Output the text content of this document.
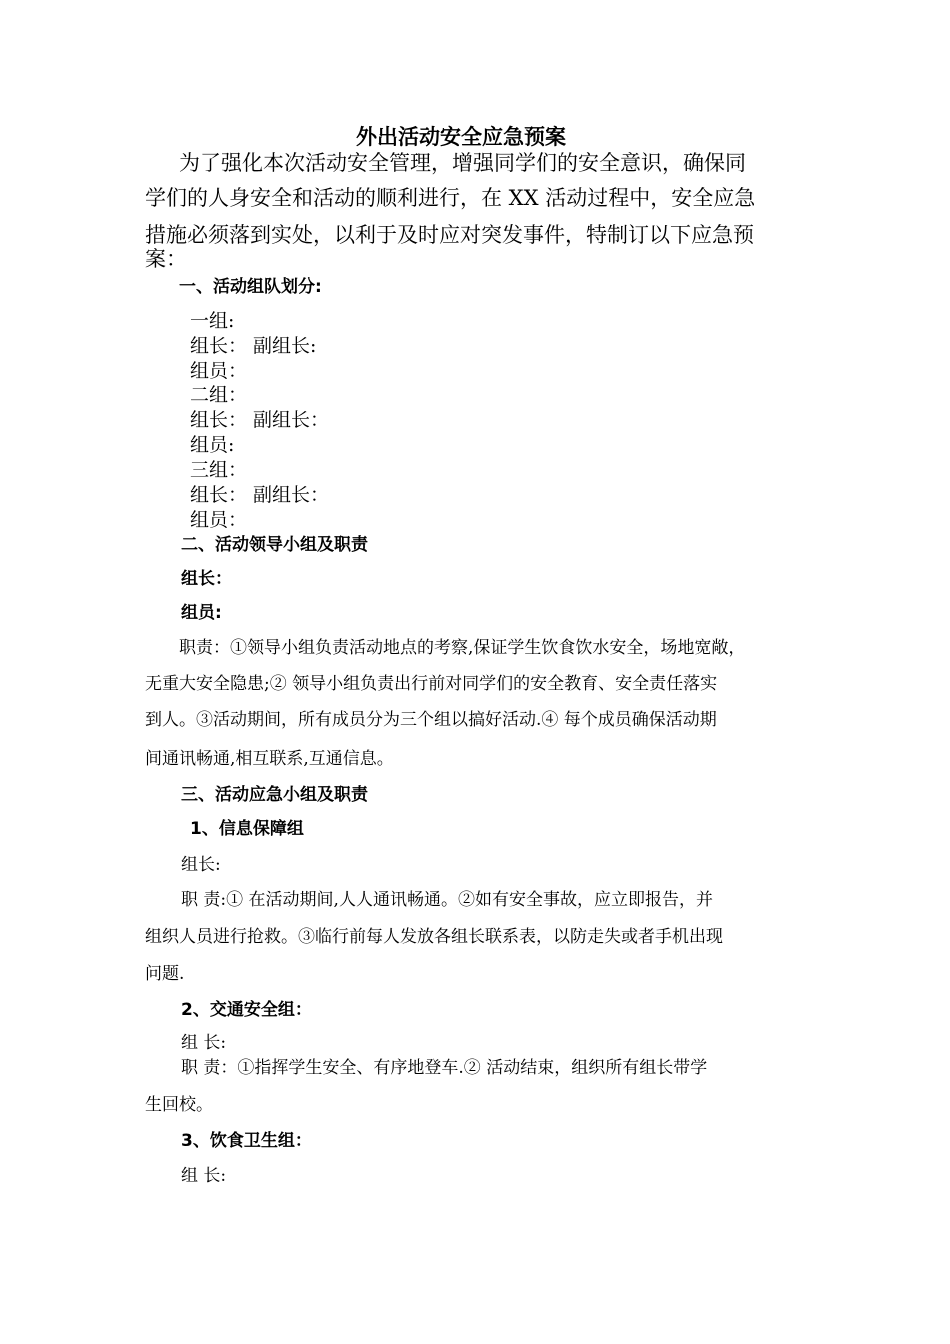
外出活动安全应急预案
为了强化本次活动安全管理，增强同学们的安全意识，确保同
学们的人身安全和活动的顺利进行，在 XX 活动过程中，安全应急
措施必须落到实处，以利于及时应对突发事件，特制订以下应急预
案：
一、活动组队划分:
一组:
组长： 副组长:
组员：
二组：
组长： 副组长：
组员:
三组：
组长： 副组长：
组员：
二、活动领导小组及职责
组长：
组员:
职责：①领导小组负责活动地点的考察,保证学生饮食饮水安全，场地宽敞，
无重大安全隐患;② 领导小组负责出行前对同学们的安全教育、安全责任落实
到人。③活动期间，所有成员分为三个组以搞好活动.④ 每个成员确保活动期
间通讯畅通,相互联系,互通信息。
三、活动应急小组及职责
1、信息保障组
组长:
职 责:① 在活动期间,人人通讯畅通。②如有安全事故，应立即报告，并
组织人员进行抢救。③临行前每人发放各组长联系表，以防走失或者手机出现
问题.
2、交通安全组：
组 长:
职 责：①指挥学生安全、有序地登车.② 活动结束，组织所有组长带学
生回校。
3、饮食卫生组：
组 长:
